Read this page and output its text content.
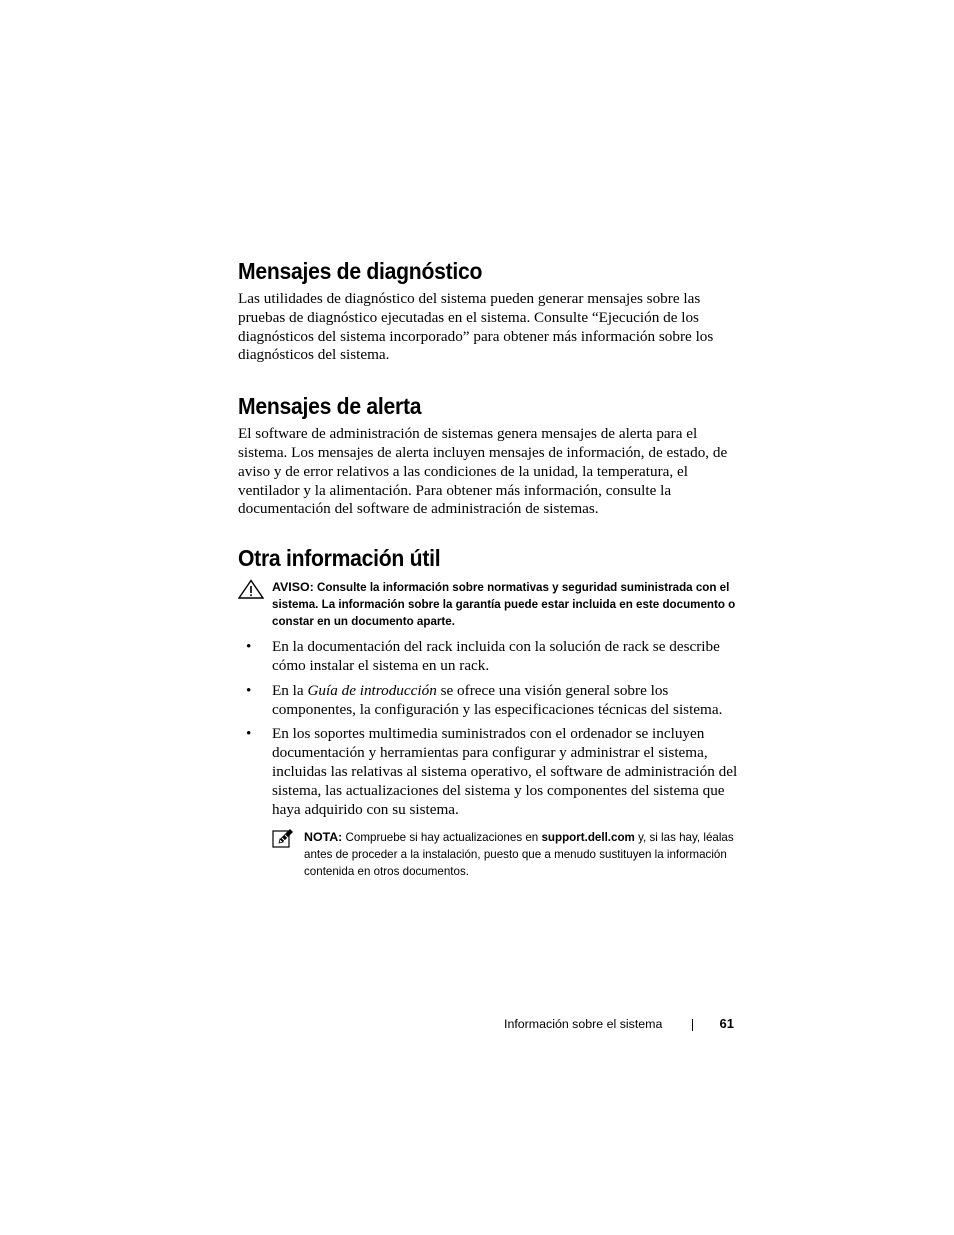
Mensajes de diagnóstico

Las utilidades de diagnóstico del sistema pueden generar mensajes sobre las pruebas de diagnóstico ejecutadas en el sistema. Consulte “Ejecución de los diagnósticos del sistema incorporado” para obtener más información sobre los diagnósticos del sistema.

Mensajes de alerta

El software de administración de sistemas genera mensajes de alerta para el sistema. Los mensajes de alerta incluyen mensajes de información, de estado, de aviso y de error relativos a las condiciones de la unidad, la temperatura, el ventilador y la alimentación. Para obtener más información, consulte la documentación del software de administración de sistemas.

Otra información útil
AVISO: Consulte la información sobre normativas y seguridad suministrada con el sistema. La información sobre la garantía puede estar incluida en este documento o constar en un documento aparte.
• En la documentación del rack incluida con la solución de rack se describe cómo instalar el sistema en un rack.
• En la Guía de introducción se ofrece una visión general sobre los componentes, la configuración y las especificaciones técnicas del sistema.
• En los soportes multimedia suministrados con el ordenador se incluyen documentación y herramientas para configurar y administrar el sistema, incluidas las relativas al sistema operativo, el software de administración del sistema, las actualizaciones del sistema y los componentes del sistema que haya adquirido con su sistema.
NOTA: Compruebe si hay actualizaciones en support.dell.com y, si las hay, léalas antes de proceder a la instalación, puesto que a menudo sustituyen la información contenida en otros documentos.
Información sobre el sistema	61
